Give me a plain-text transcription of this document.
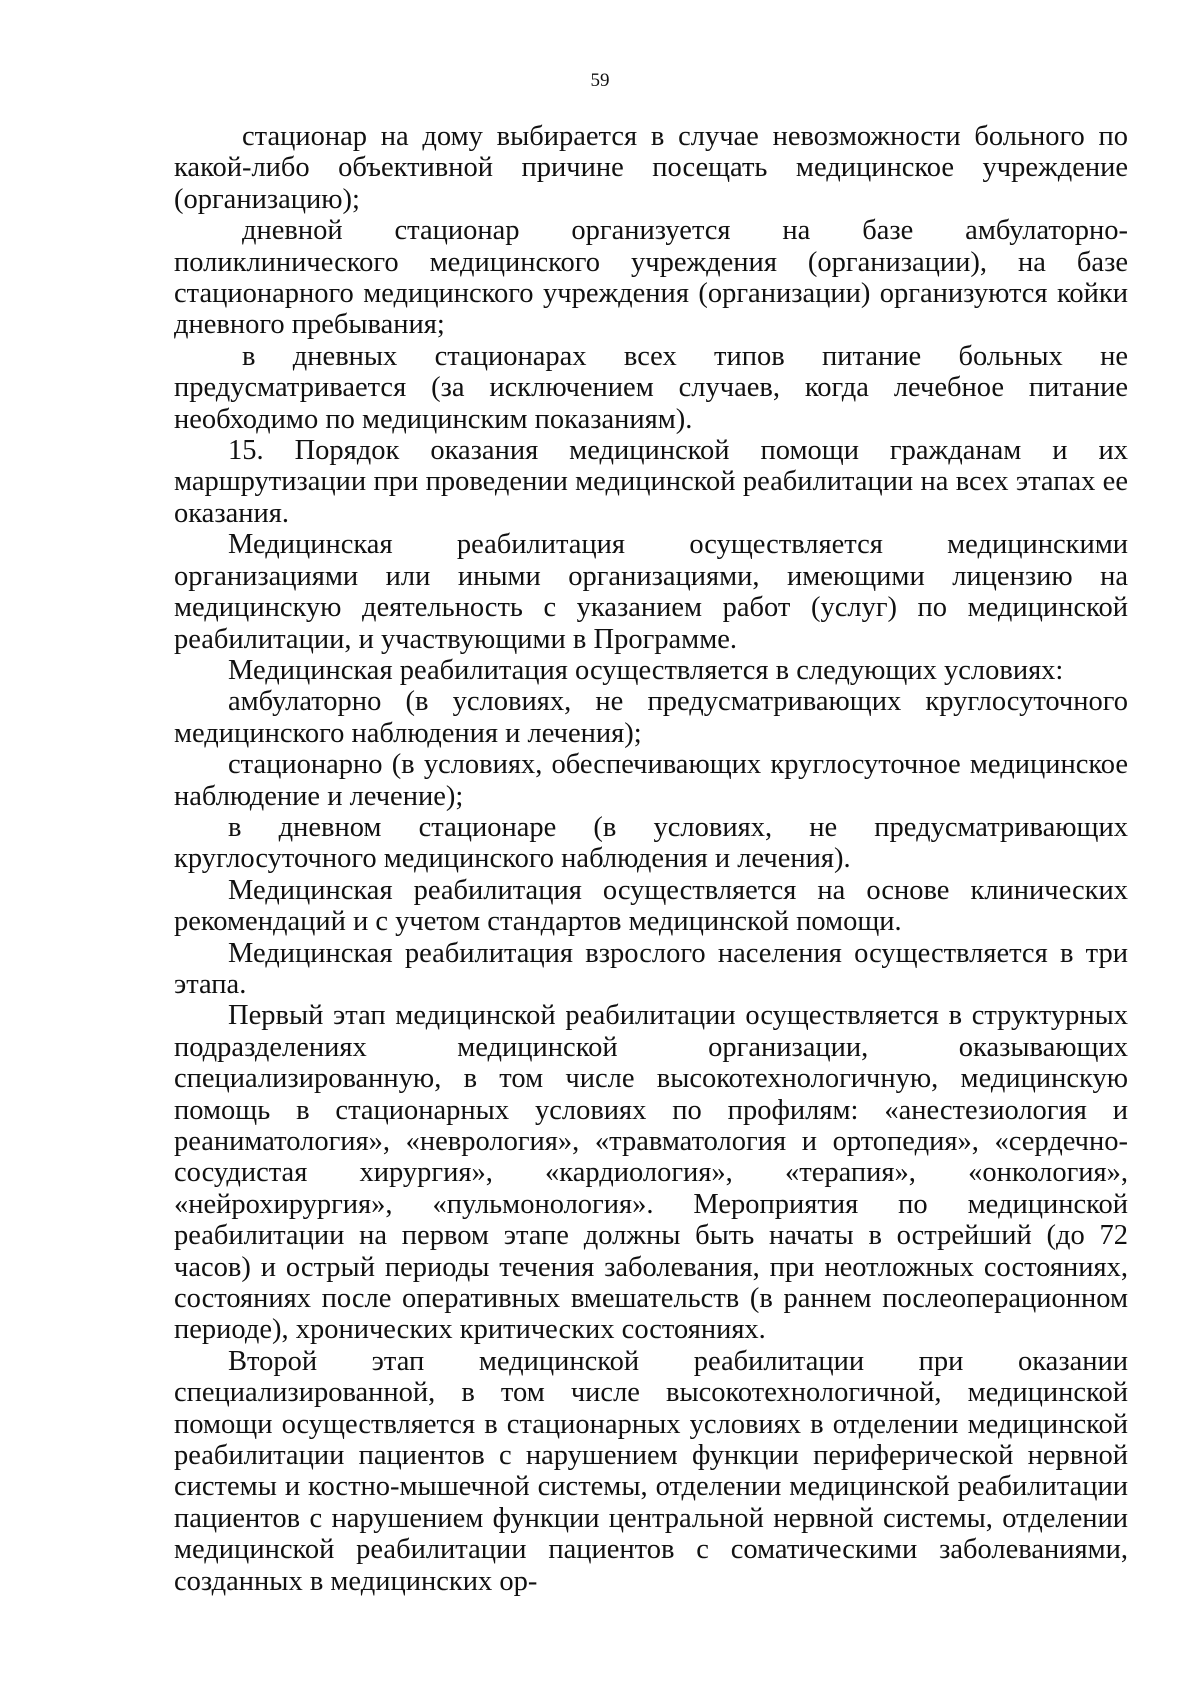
59

стационар на дому выбирается в случае невозможности больного по какой-либо объективной причине посещать медицинское учреждение (организацию);

дневной стационар организуется на базе амбулаторно-поликлинического медицинского учреждения (организации), на базе стационарного медицинского учреждения (организации) организуются койки дневного пребывания;

в дневных стационарах всех типов питание больных не предусматривается (за исключением случаев, когда лечебное питание необходимо по медицинским показаниям).

15. Порядок оказания медицинской помощи гражданам и их маршрутизации при проведении медицинской реабилитации на всех этапах ее оказания.

Медицинская реабилитация осуществляется медицинскими организациями или иными организациями, имеющими лицензию на медицинскую деятельность с указанием работ (услуг) по медицинской реабилитации, и участвующими в Программе.

Медицинская реабилитация осуществляется в следующих условиях:

амбулаторно (в условиях, не предусматривающих круглосуточного медицинского наблюдения и лечения);

стационарно (в условиях, обеспечивающих круглосуточное медицинское наблюдение и лечение);

в дневном стационаре (в условиях, не предусматривающих круглосуточного медицинского наблюдения и лечения).

Медицинская реабилитация осуществляется на основе клинических рекомендаций и с учетом стандартов медицинской помощи.

Медицинская реабилитация взрослого населения осуществляется в три этапа.

Первый этап медицинской реабилитации осуществляется в структурных подразделениях медицинской организации, оказывающих специализированную, в том числе высокотехнологичную, медицинскую помощь в стационарных условиях по профилям: «анестезиология и реаниматология», «неврология», «травматология и ортопедия», «сердечно-сосудистая хирургия», «кардиология», «терапия», «онкология», «нейрохирургия», «пульмонология». Мероприятия по медицинской реабилитации на первом этапе должны быть начаты в острейший (до 72 часов) и острый периоды течения заболевания, при неотложных состояниях, состояниях после оперативных вмешательств (в раннем послеоперационном периоде), хронических критических состояниях.

Второй этап медицинской реабилитации при оказании специализированной, в том числе высокотехнологичной, медицинской помощи осуществляется в стационарных условиях в отделении медицинской реабилитации пациентов с нарушением функции периферической нервной системы и костно-мышечной системы, отделении медицинской реабилитации пациентов с нарушением функции центральной нервной системы, отделении медицинской реабилитации пациентов с соматическими заболеваниями, созданных в медицинских ор-
